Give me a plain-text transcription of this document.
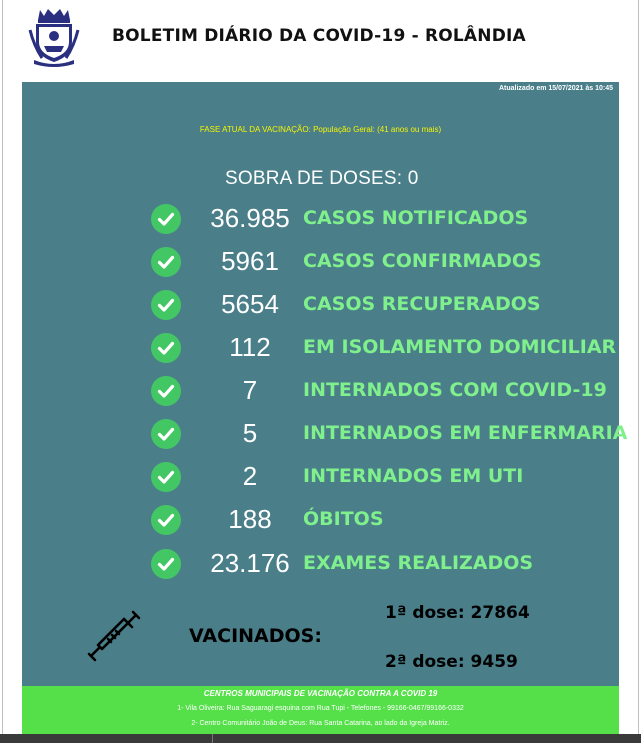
BOLETIM DIÁRIO DA COVID-19 - ROLÂNDIA
Atualizado em 15/07/2021 às 10:45
FASE ATUAL DA VACINAÇÃO: População Geral: (41 anos ou mais)
SOBRA DE DOSES: 0
36.985 CASOS NOTIFICADOS
5961	CASOS CONFIRMADOS
5654	CASOS RECUPERADOS
112	EM ISOLAMENTO DOMICILIAR
7	INTERNADOS COM COVID-19
5	INTERNADOS EM ENFERMARIA
2	INTERNADOS EM UTI
188	ÓBITOS
23.176 EXAMES REALIZADOS
VACINADOS:
1ª dose: 27864
2ª dose: 9459
CENTROS MUNICIPAIS DE VACINAÇÃO CONTRA A COVID 19
1- Vila Oliveira: Rua Saguaragi esquina com Rua Tupi - Telefones - 99166-0467/99166-0332
2- Centro Comunitário João de Deus: Rua Santa Catarina, ao lado da Igreja Matriz.
